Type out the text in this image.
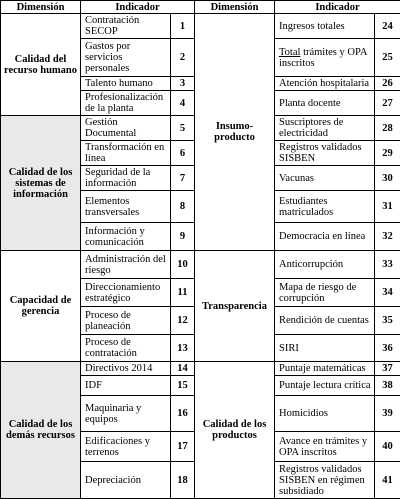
Dimensión	Indicador		Dimensión	Indicador	
Calidad del recurso humano	Contratación SECOP	1	Insumo-producto	Ingresos totales	24
	Gastos por servicios personales	2		Total trámites y OPA inscritos	25
	Talento humano	3		Atención hospitalaria	26
	Profesionalización de la planta	4		Planta docente	27
Calidad de los sistemas de información	Gestión Documental	5		Suscriptores de electricidad	28
	Transformación en línea	6		Registros validados SISBEN	29
	Seguridad de la información	7		Vacunas	30
	Elementos transversales	8		Estudiantes matriculados	31
	Información y comunicación	9		Democracia en línea	32
Capacidad de gerencia	Administración del riesgo	10	Transparencia	Anticorrupción	33
	Direccionamiento estratégico	11		Mapa de riesgo de corrupción	34
	Proceso de planeación	12		Rendición de cuentas	35
	Proceso de contratación	13		SIRI	36
Calidad de los demás recursos	Directivos 2014	14	Calidad de los productos	Puntaje matemáticas	37
	IDF	15		Puntaje lectura crítica	38
	Maquinaria y equipos	16		Homicidios	39
	Edificaciones y terrenos	17		Avance en trámites y OPA inscritos	40
	Depreciación	18		Registros validados SISBEN en régimen subsidiado	41
